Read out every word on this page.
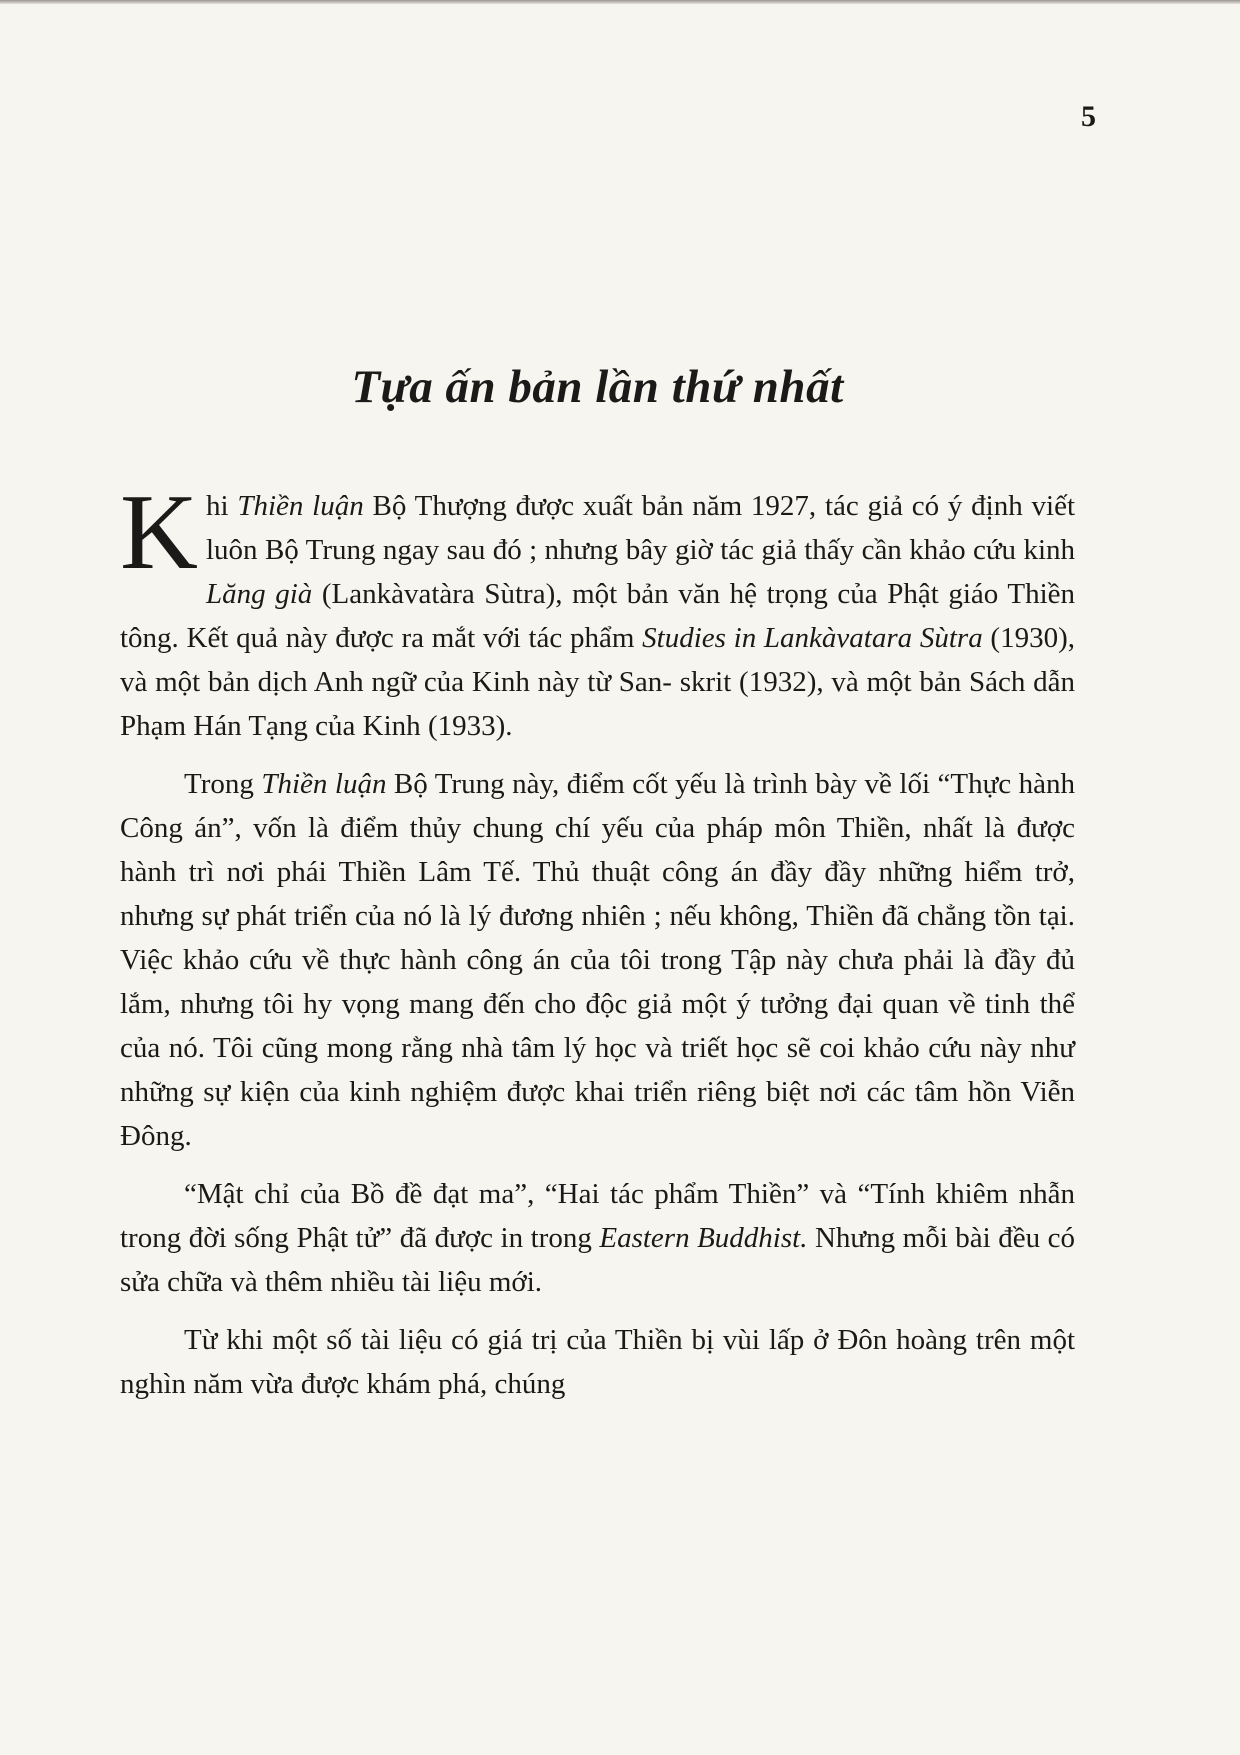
5
Tựa ấn bản lần thứ nhất

Khi Thiền luận Bộ Thượng được xuất bản năm 1927, tác giả có ý định viết luôn Bộ Trung ngay sau đó ; nhưng bây giờ tác giả thấy cần khảo cứu kinh Lăng già (Lankàvatàra Sùtra), một bản văn hệ trọng của Phật giáo Thiền tông. Kết quả này được ra mắt với tác phẩm Studies in Lankàvatara Sùtra (1930), và một bản dịch Anh ngữ của Kinh này từ San- skrit (1932), và một bản Sách dẫn Phạm Hán Tạng của Kinh (1933).

Trong Thiền luận Bộ Trung này, điểm cốt yếu là trình bày về lối “Thực hành Công án”, vốn là điểm thủy chung chí yếu của pháp môn Thiền, nhất là được hành trì nơi phái Thiền Lâm Tế. Thủ thuật công án đầy đầy những hiểm trở, nhưng sự phát triển của nó là lý đương nhiên ; nếu không, Thiền đã chẳng tồn tại. Việc khảo cứu về thực hành công án của tôi trong Tập này chưa phải là đầy đủ lắm, nhưng tôi hy vọng mang đến cho độc giả một ý tưởng đại quan về tinh thể của nó. Tôi cũng mong rằng nhà tâm lý học và triết học sẽ coi khảo cứu này như những sự kiện của kinh nghiệm được khai triển riêng biệt nơi các tâm hồn Viễn Đông.

“Mật chỉ của Bồ đề đạt ma”, “Hai tác phẩm Thiền” và “Tính khiêm nhẫn trong đời sống Phật tử” đã được in trong Eastern Buddhist. Nhưng mỗi bài đều có sửa chữa và thêm nhiều tài liệu mới.

Từ khi một số tài liệu có giá trị của Thiền bị vùi lấp ở Đôn hoàng trên một nghìn năm vừa được khám phá, chúng
